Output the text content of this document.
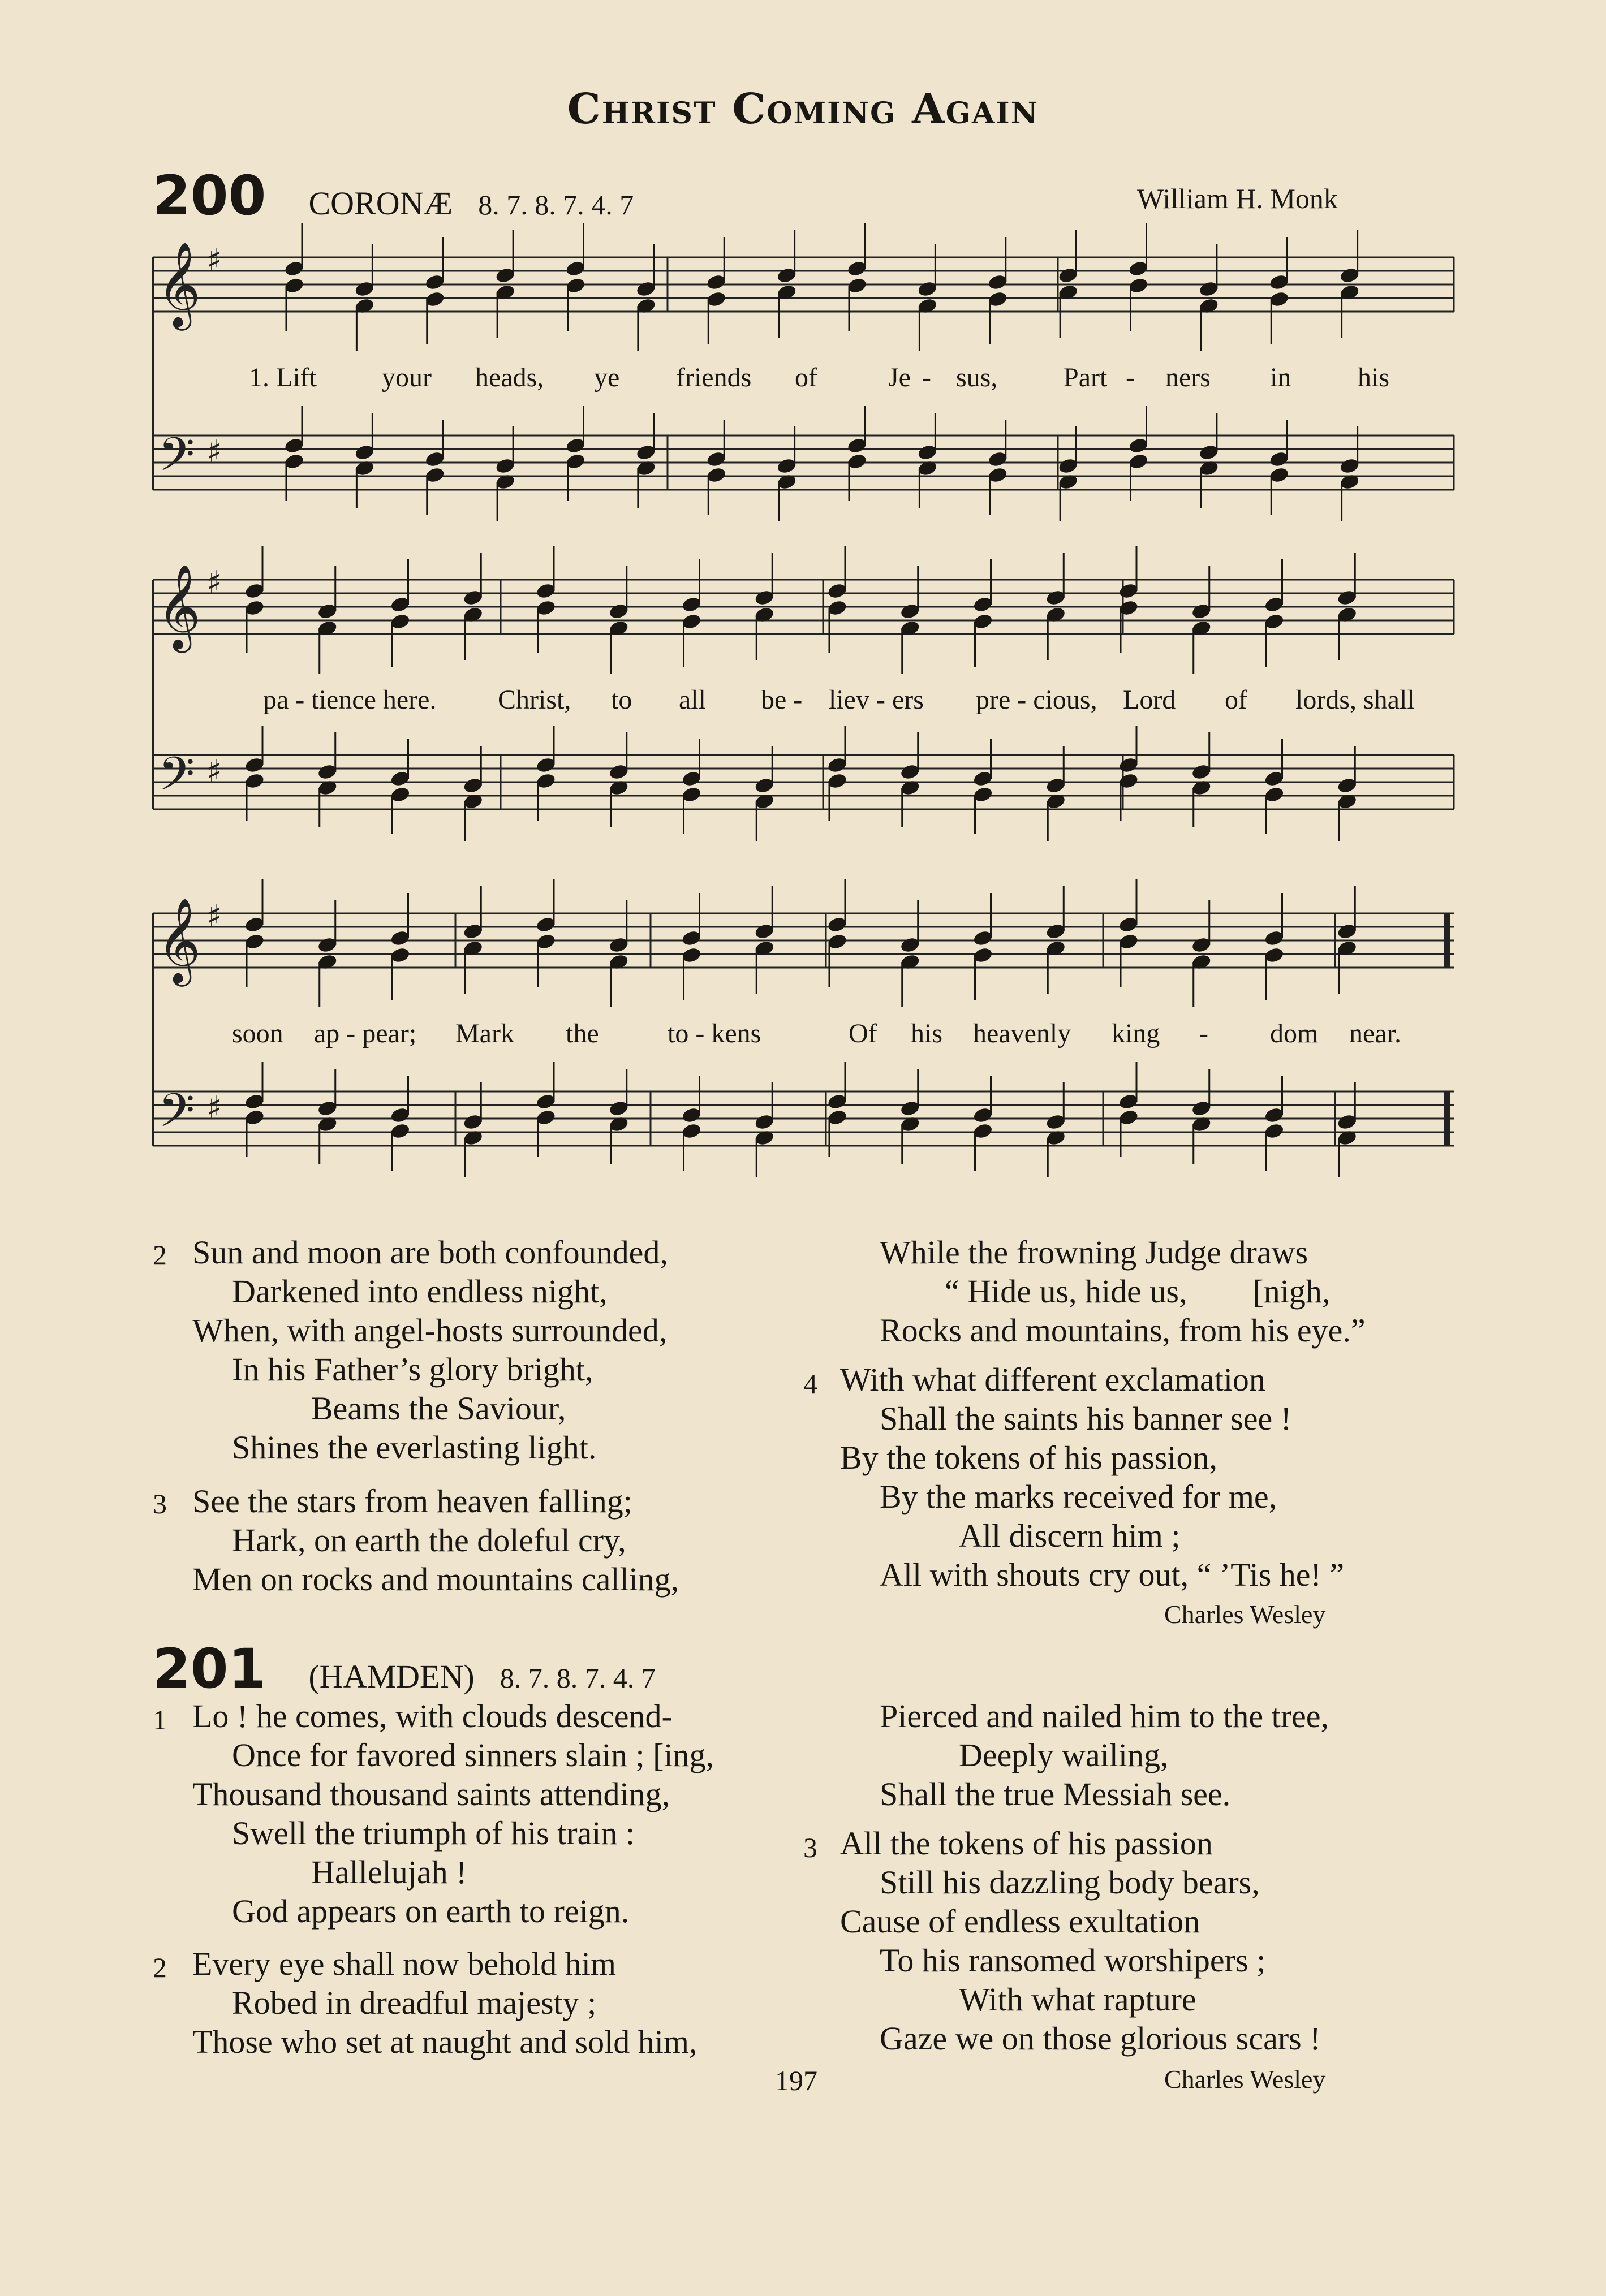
Christ Coming Again
200 CORONÆ 8. 7. 8. 7. 4. 7	William H. Monk
𝄞
𝄢
♯
♯
𝄞
𝄢
♯
♯
𝄞
𝄢
♯
♯
1. Lift your heads, ye friends of	Je - sus, Part - ners in his
pa - tience here. Christ, to all be - liev - ers pre - cious, Lord of lords, shall
soon ap - pear; Mark the	to - kens	Of his heavenly king - dom near.
2 Sun and moon are both confounded,
Darkened into endless night,
When, with angel-hosts surrounded,
In his Father’s glory bright,
Beams the Saviour,
Shines the everlasting light.
3 See the stars from heaven falling;
Hark, on earth the doleful cry,
Men on rocks and mountains calling,
While the frowning Judge draws
“ Hide us, hide us,        [nigh,
Rocks and mountains, from his eye.”
4 With what different exclamation
Shall the saints his banner see !
By the tokens of his passion,
By the marks received for me,
All discern him ;
All with shouts cry out, “ ’Tis he! ”
Charles Wesley
201 (HAMDEN) 8. 7. 8. 7. 4. 7
1 Lo ! he comes, with clouds descend-
Once for favored sinners slain ; [ing,
Thousand thousand saints attending,
Swell the triumph of his train :
Hallelujah !
God appears on earth to reign.
2 Every eye shall now behold him
Robed in dreadful majesty ;
Those who set at naught and sold him,
Pierced and nailed him to the tree,
Deeply wailing,
Shall the true Messiah see.
3 All the tokens of his passion
Still his dazzling body bears,
Cause of endless exultation
To his ransomed worshipers ;
With what rapture
Gaze we on those glorious scars !
Charles Wesley
197
